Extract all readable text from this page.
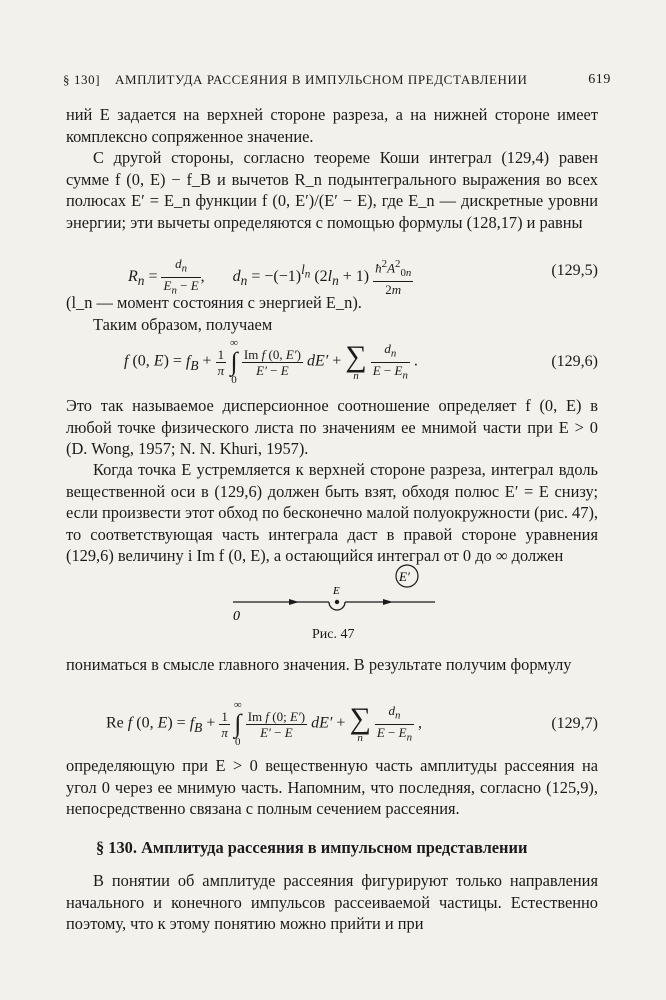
§ 130] АМПЛИТУДА РАССЕЯНИЯ В ИМПУЛЬСНОМ ПРЕДСТАВЛЕНИИ	619

ний E задается на верхней стороне разреза, а на нижней стороне имеет комплексно сопряженное значение.

С другой стороны, согласно теореме Коши интеграл (129,4) равен сумме f (0, E) − f_B и вычетов R_n подынтегрального выражения во всех полюсах E′ = E_n функции f (0, E′)/(E′ − E), где E_n — дискретные уровни энергии; эти вычеты определяются с помощью формулы (128,17) и равны

$R_n = \frac{d_n}{E_n - E}$ ,       $d_n = -(-1)^{l_n}$ $(2l_n + 1) \frac{ħ^2A^2_{0n}}{2m}$	(129,5)

(l_n — момент состояния с энергией E_n).

Таким образом, получаем

f (0, $E) = f_B + \frac{1}{\pi}$
∞
∫
0
$\frac{\text{Im f (0, E′)}}{E' - E} dE'$ + ∑
n
$\frac{d_n}{E - E_n}$ .	(129,6)

Это так называемое дисперсионное соотношение определяет f (0, E) в любой точке физического листа по значениям ее мнимой части при E > 0 (D. Wong, 1957; N. N. Khuri, 1957).

Когда точка E устремляется к верхней стороне разреза, интеграл вдоль вещественной оси в (129,6) должен быть взят, обходя полюс E′ = E снизу; если произвести этот обход по бесконечно малой полуокружности (рис. 47), то соответствующая часть интеграла даст в правой стороне уравнения (129,6) величину i Im f (0, E), а остающийся интеграл от 0 до ∞ должен

0
E
E′
Рис. 47

пониматься в смысле главного значения. В результате получим формулу

Re f (0, $E) = f_B + \frac{1}{\pi}$
∞
∫
0
$\frac{\text{Im f (0; E′)}}{E' - E} dE'$ + ∑
n
$\frac{d_n}{E - E_n}$ ,	(129,7)

определяющую при E > 0 вещественную часть амплитуды рассеяния на угол 0 через ее мнимую часть. Напомним, что последняя, согласно (125,9), непосредственно связана с полным сечением рассеяния.

§ 130. Амплитуда рассеяния в импульсном представлении

В понятии об амплитуде рассеяния фигурируют только направления начального и конечного импульсов рассеиваемой частицы. Естественно поэтому, что к этому понятию можно прийти и при
